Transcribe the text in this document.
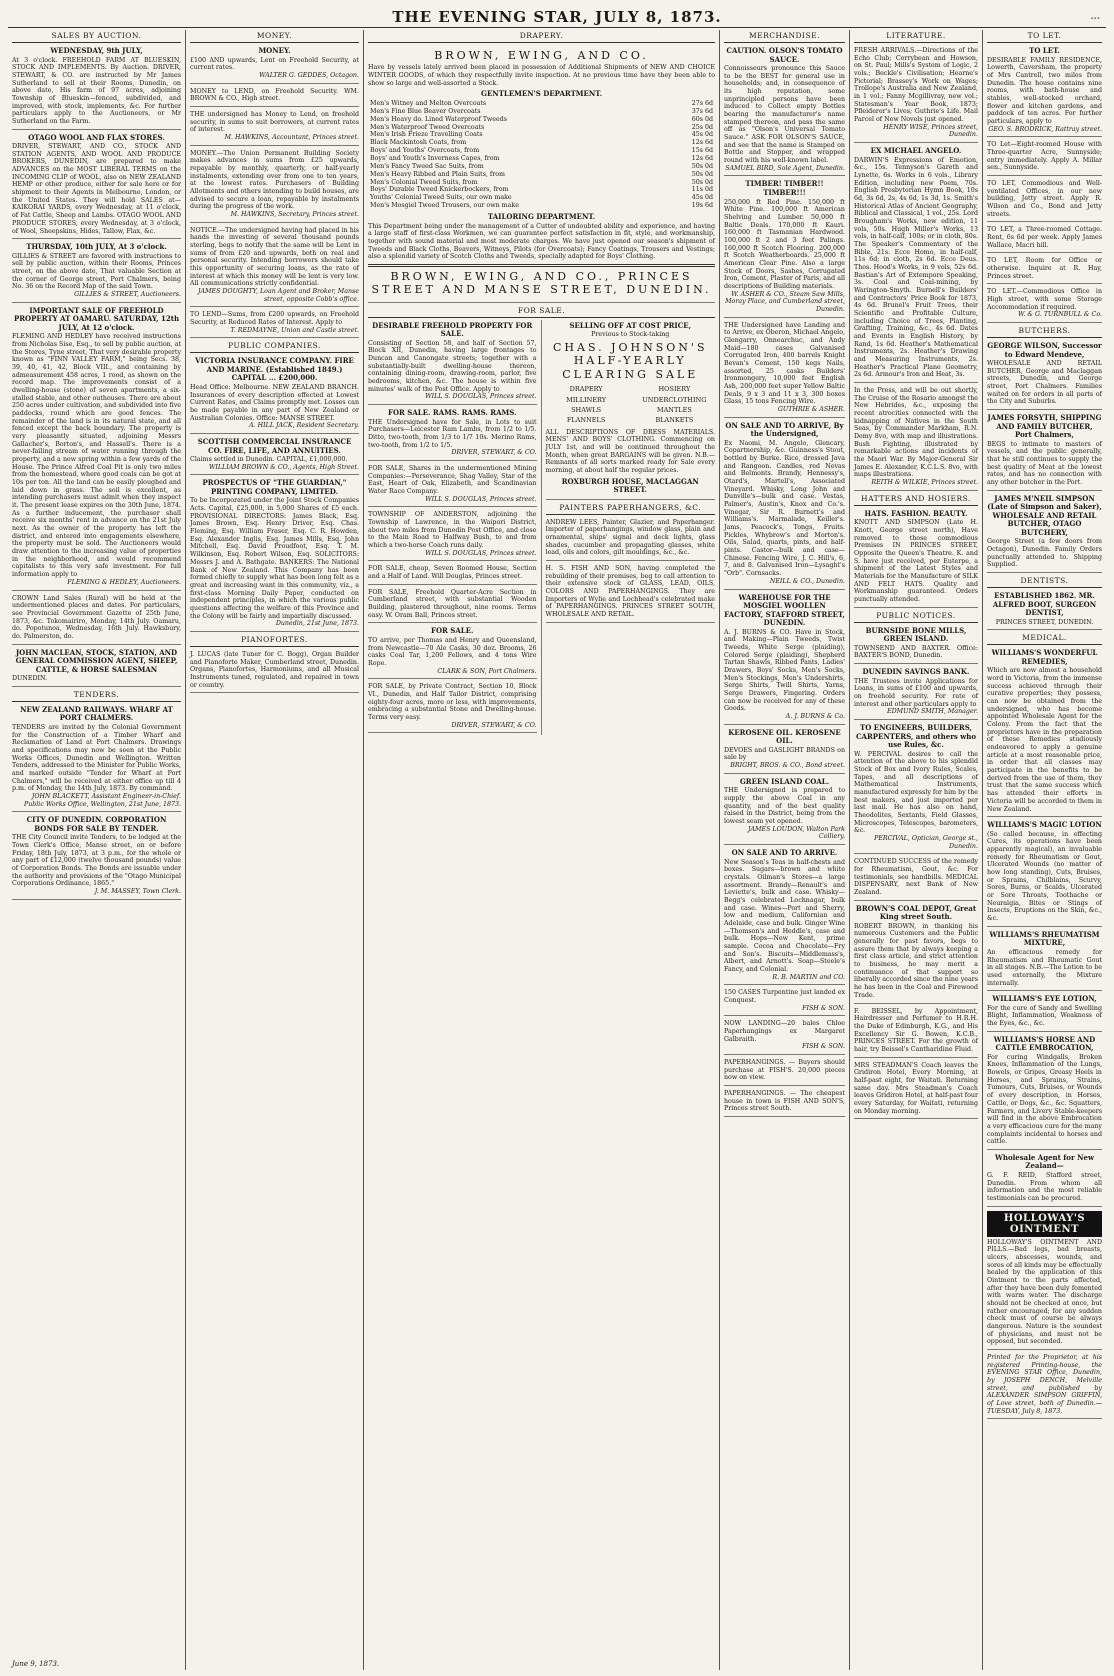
THE EVENING STAR, JULY 8, 1873.	...
SALES BY AUCTION.
WEDNESDAY, 9th JULY,
At 3 o'clock. FREEHOLD FARM AT BLUESKIN, STOCK AND IMPLEMENTS. By Auction. DRIVER, STEWART, & CO. are instructed by Mr James Sutherland to sell at their Rooms, Dunedin, on above date, His farm of 97 acres, adjoining Township of Blueskin—fenced, subdivided, and improved, with stock, implements, &c. For further particulars apply to the Auctioneers, or Mr Sutherland on the Farm.
OTAGO WOOL AND FLAX STORES.
DRIVER, STEWART, AND CO., STOCK AND STATION AGENTS, AND WOOL AND PRODUCE BROKERS, DUNEDIN, are prepared to make ADVANCES on the MOST LIBERAL TERMS on the INCOMING CLIP of WOOL, also on NEW ZEALAND HEMP or other produce, either for sale here or for shipment to their Agents in Melbourne, London, or the United States. They will hold SALES at—KAIKORAI YARDS, every Wednesday, at 11 o'clock, of Fat Cattle, Sheep and Lambs. OTAGO WOOL AND PRODUCE STORES, every Wednesday, at 3 o'clock, of Wool, Sheepskins, Hides, Tallow, Flax, &c.
THURSDAY, 10th JULY, At 3 o'clock.
GILLIES & STREET are favored with instructions to sell by public auction, within their Rooms, Princes street, on the above date, That valuable Section at the corner of George street, Port Chalmers, being No. 36 on the Record Map of the said Town.
GILLIES & STREET, Auctioneers.
IMPORTANT SALE OF FREEHOLD PROPERTY AT OAMARU. SATURDAY, 12th JULY, At 12 o'clock.
FLEMING AND HEDLEY have received instructions from Nicholas Sise, Esq., to sell by public auction, at the Stores, Tyne street, That very desirable property known as "FINN VALLEY FARM," being Secs. 38, 39, 40, 41, 42, Block VIII., and containing by admeasurement 458 acres, 1 rood, as shown on the record map. The improvements consist of a dwelling-house (stone) of seven apartments, a six-stalled stable, and other outhouses. There are about 250 acres under cultivation, and subdivided into five paddocks, round which are good fences. The remainder of the land is in its natural state, and all fenced except the back boundary. The property is very pleasantly situated, adjoining Messrs Gallacher's, Borton's, and Hassell's. There is a never-failing stream of water running through the property, and a new spring within a few yards of the House. The Prince Alfred Coal Pit is only two miles from the homestead, where good coals can be got at 10s per ton. All the land can be easily ploughed and laid down in grass. The soil is excellent, as intending purchasers must admit when they inspect it. The present lease expires on the 30th June, 1874. As a further inducement, the purchaser shall receive six months' rent in advance on the 21st July next. As the owner of the property has left the district, and entered into engagements elsewhere, the property must be sold. The Auctioneers would draw attention to the increasing value of properties in the neighborhood, and would recommend capitalists to this very safe investment. For full information apply to
FLEMING & HEDLEY, Auctioneers.
CROWN Land Sales (Rural) will be held at the undermentioned places and dates. For particulars, see Provincial Government Gazette of 25th June, 1873, &c. Tokomairiro, Monday, 14th July. Oamaru, do. Popotunoa, Wednesday, 16th July. Hawksbury, do. Palmerston, do.
JOHN MACLEAN, STOCK, STATION, AND GENERAL COMMISSION AGENT, SHEEP, CATTLE, & HORSE SALESMAN
DUNEDIN.
TENDERS.
NEW ZEALAND RAILWAYS. WHARF AT PORT CHALMERS.
TENDERS are invited by the Colonial Government for the Construction of a Timber Wharf and Reclamation of Land at Port Chalmers. Drawings and specifications may now be seen at the Public Works Offices, Dunedin and Wellington. Written Tenders, addressed to the Minister for Public Works, and marked outside "Tender for Wharf at Port Chalmers," will be received at either office up till 4 p.m. of Monday, the 14th July, 1873. By command.
JOHN BLACKETT, Assistant Engineer-in-Chief. Public Works Office, Wellington, 21st June, 1873.
CITY OF DUNEDIN. CORPORATION BONDS FOR SALE BY TENDER.
THE City Council invite Tenders, to be lodged at the Town Clerk's Office, Manse street, on or before Friday, 18th July, 1873, at 3 p.m., for the whole or any part of £12,000 (twelve thousand pounds) value of Corporation Bonds. The Bonds are issuable under the authority and provisions of the "Otago Municipal Corporations Ordinance, 1865."
J. M. MASSEY, Town Clerk.
MONEY.
MONEY.
£100 AND upwards, Lent on Freehold Security, at current rates.
WALTER G. GEDDES, Octagon.
MONEY to LEND, on Freehold Security. WM. BROWN & CO., High street.
THE undersigned has Money to Lend, on freehold security, in sums to suit borrowers, at current rates of interest.
M. HAWKINS, Accountant, Princes street.
MONEY.—The Union Permanent Building Society makes advances in sums from £25 upwards, repayable by monthly, quarterly, or half-yearly instalments, extending over from one to ten years, at the lowest rates. Purchasers of Building Allotments and others intending to build houses, are advised to secure a loan, repayable by instalments during the progress of the work.
M. HAWKINS, Secretary, Princes street.
NOTICE.—The undersigned having had placed in his hands the investing of several thousand pounds sterling, begs to notify that the same will be Lent in sums of from £20 and upwards, both on real and personal security. Intending borrowers should take this opportunity of securing loans, as the rate of interest at which this money will be lent is very low. All communications strictly confidential.
JAMES DOUGHTY, Loan Agent and Broker, Manse street, opposite Cobb's office.
TO LEND—Sums, from £200 upwards, on Freehold Security, at Reduced Rates of Interest. Apply to
T. REDMAYNE, Union and Castle street.
PUBLIC COMPANIES.
VICTORIA INSURANCE COMPANY. FIRE AND MARINE. (Established 1849.) CAPITAL ... £200,000.
Head Office: Melbourne. NEW ZEALAND BRANCH. Insurances of every description effected at Lowest Current Rates, and Claims promptly met. Losses can be made payable in any part of New Zealand or Australian Colonies. Office: MANSE STREET.
A. HILL JACK, Resident Secretary.
SCOTTISH COMMERCIAL INSURANCE CO. FIRE, LIFE, AND ANNUITIES.
Claims settled in Dunedin. CAPITAL, £1,000,000.
WILLIAM BROWN & CO., Agents, High Street.
PROSPECTUS OF "THE GUARDIAN," PRINTING COMPANY, LIMITED.
To be Incorporated under the Joint Stock Companies Acts. Capital, £25,000, in 5,000 Shares of £5 each. PROVISIONAL DIRECTORS: James Black, Esq. James Brown, Esq. Henry Driver, Esq. Chas. Fleming, Esq. William Fraser, Esq. C. R. Howden, Esq. Alexander Inglis, Esq. James Mills, Esq. John Mitchell, Esq. David Proudfoot, Esq. T. M. Wilkinson, Esq. Robert Wilson, Esq. SOLICITORS: Messrs J. and A. Bathgate. BANKERS: The National Bank of New Zealand. This Company has been formed chiefly to supply what has been long felt as a great and increasing want in this community, viz., a first-class Morning Daily Paper, conducted on independent principles, in which the various public questions affecting the welfare of this Province and the Colony will be fairly and impartially discussed.
Dunedin, 21st June, 1873.
PIANOFORTES.
J. LUCAS (late Tuner for C. Bogg), Organ Builder and Pianoforte Maker, Cumberland street, Dunedin. Organs, Pianofortes, Harmoniums, and all Musical Instruments tuned, regulated, and repaired in town or country.
DRAPERY.
BROWN, EWING, AND CO.
Have by vessels lately arrived been placed in possession of Additional Shipments of NEW AND CHOICE WINTER GOODS, of which they respectfully invite inspection. At no previous time have they been able to show so large and well-assorted a Stock.
GENTLEMEN'S DEPARTMENT.
Men's Witney and Melton Overcoats	27s 6d
Men's Fine Blue Beaver Overcoats	37s 6d
Men's Heavy do. Lined Waterproof Tweeds	60s 0d
Men's Waterproof Tweed Overcoats	25s 0d
Men's Irish Frieze Travelling Coats	45s 0d
Black Mackintosh Coats, from	12s 6d
Boys' and Youths' Overcoats, from	15s 6d
Boys' and Youth's Inverness Capes, from	12s 6d
Men's Fancy Tweed Sac Suits, from	50s 0d
Men's Heavy Ribbed and Plain Suits, from	50s 0d
Men's Colonial Tweed Suits, from	50s 0d
Boys' Durable Tweed Knickerbockers, from	11s 0d
Youths' Colonial Tweed Suits, our own make	45s 0d
Men's Mosgiel Tweed Trousers, our own make	19s 6d
TAILORING DEPARTMENT.
This Department being under the management of a Cutter of undoubted ability and experience, and having a large staff of first-class Workmen, we can guarantee perfect satisfaction in fit, style, and workmanship, together with sound material and most moderate charges. We have just opened our season's shipment of Tweeds and Black Cloths, Beavers, Witneys, Pilots (for Overcoats); Fancy Coatings, Trousers and Vestings; also a splendid variety of Scotch Cloths and Tweeds, specially adapted for Boys' Clothing.
BROWN, EWING, AND CO., PRINCES STREET AND MANSE STREET, DUNEDIN.
FOR SALE.
DESIRABLE FREEHOLD PROPERTY FOR SALE.
Consisting of Section 58, and half of Section 57, Block XII, Dunedin, having large frontages to Duncan and Canongate streets; together with a substantially-built dwelling-house thereon, containing dining-room, drawing-room, parlor, five bedrooms, kitchen, &c. The house is within five minutes' walk of the Post Office. Apply to
WILL S. DOUGLAS, Princes street.
FOR SALE. RAMS. RAMS. RAMS.
THE Undersigned have for Sale, in Lots to suit Purchasers—Leicester Ram Lambs, from 1/2 to 1/5. Ditto, two-tooth, from 1/3 to 1/7 10s. Merino Rams, two-tooth, from 1/2 to 1/5.
DRIVER, STEWART, & CO.
FOR SALE, Shares in the undermentioned Mining Companies:—Perseverance, Shag Valley, Star of the East, Heart of Oak, Elizabeth, and Scandinavian Water Race Company.
WILL S. DOUGLAS, Princes street.
TOWNSHIP OF ANDERSTON, adjoining the Township of Lawrence, in the Waipori District, about two miles from Dunedin Post Office, and close to the Main Road to Halfway Bush, to and from which a two-horse Coach runs daily.
WILL S. DOUGLAS, Princes street.
FOR SALE, cheap, Seven Roomed House, Section and a Half of Land. Will Douglas, Princes street.
FOR SALE, Freehold Quarter-Acre Section in Cumberland street, with substantial Wooden Building, plastered throughout, nine rooms. Terms easy. W. Oram Ball, Princes street.
FOR SALE.
TO arrive, per Thomas and Henry and Queensland, from Newcastle—70 Ale Casks, 30 doz. Brooms, 26 casks Coal Tar, 1,200 Fellows, and 4 tons Wire Rope.
CLARK & SON, Port Chalmers.
FOR SALE, by Private Contract, Section 10, Block VI., Dunedin, and Half Tailor District, comprising eighty-four acres, more or less, with improvements, embracing a substantial Stone and Dwelling-house. Terms very easy.
DRIVER, STEWART, & CO.
SELLING OFF AT COST PRICE,
Previous to Stock-taking
CHAS. JOHNSON'S HALF-YEARLY CLEARING SALE
DRAPERY
MILLINERY
SHAWLS
FLANNELS
HOSIERY
UNDERCLOTHING
MANTLES
BLANKETS
ALL DESCRIPTIONS OF DRESS MATERIALS. MENS' AND BOYS' CLOTHING. Commencing on JULY 1st, and will be continued throughout the Month, when great BARGAINS will be given. N.B.—Remnants of all sorts marked ready for Sale every morning, at about half the regular prices.
ROXBURGH HOUSE, MACLAGGAN STREET.
PAINTERS PAPERHANGERS, &C.
ANDREW LEES, Painter, Glazier, and Paperhanger. Importer of paperhangings, window glass, plain and ornamental, ships' signal and deck lights, glass shades, cucumber and propagating glasses, white lead, oils and colors, gilt mouldings, &c., &c.
H. S. FISH AND SON, having completed the rebuilding of their premises, beg to call attention to their extensive stock of GLASS, LEAD, OILS, COLORS AND PAPERHANGINGS. They are Importers of Wylie and Lochhead's celebrated make of PAPERHANGINGS. PRINCES STREET SOUTH, WHOLESALE AND RETAIL.
June 9, 1873.
MERCHANDISE.
CAUTION. OLSON'S TOMATO SAUCE.
Connoisseurs pronounce this Sauce to be the BEST for general use in households; and, in consequence of its high reputation, some unprincipled persons have been induced to Collect empty Bottles bearing the manufacturer's name stamped thereon, and pass the same off as "Olson's Universal Tomato Sauce." ASK FOR OLSON'S SAUCE, and see that the name is Stamped on Bottle and Stopper, and wrapped round with his well-known label.
SAMUEL BIRD, Sole Agent, Dunedin.
TIMBER! TIMBER!! TIMBER!!!
250,000 ft Red Pine. 150,000 ft White Pine. 100,000 ft American Shelving and Lumber. 50,000 ft Baltic Deals. 170,000 ft Kauri. 160,000 ft Tasmanian Hardwood. 100,000 ft 2 and 3 feet Palings. 160,000 ft Scotch Flooring. 200,000 ft Scotch Weatherboards. 25,000 ft American Clear Pine. Also a large Stock of Doors, Sashes, Corrugated Iron, Cement, Plaster of Paris, and all descriptions of Building materials.
W. ASHER & CO., Steam Saw Mills, Moray Place, and Cumberland street, Dunedin.
THE Undersigned have Landing and to Arrive, ex Oberon, Michael Angelo, Glengarry, Onnearchuc, and Andy Maid—180 cases Galvanised Corrugated Iron, 400 barrels Knight Bevan's Cement, 150 kegs Nails, assorted, 25 casks Builders' Ironmongery, 10,000 feet English Ash, 200,000 feet super Yellow Baltic Deals, 9 x 3 and 11 x 3, 300 boxes Glass, 15 tons Fencing Wire.
GUTHRIE & ASHER.
ON SALE AND TO ARRIVE, By the Undersigned,
Ex Naomi, M. Angelo, Glencary, Copartnership, &c. Guinness's Stout, bottled by Burke. Rice, dressed Java and Rangoon. Candles, red Nevas and Belmonts. Brandy, Hennessy's, Otard's, Martell's, Associated Vineyard. Whisky, Long John and Dunville's—bulk and case. Vestas, Palmer's, Austin's, Knox and Co.'s. Vinegar, Sir R. Burnett's and Williams's. Marmalade, Keiller's. Jams, Peacock's, Tongs, Fruits. Pickles, Whybrow's and Morton's. Oils, Salad, quarts, pints, and half-pints. Castor—bulk and case—Chinese. Fencing Wire, J. C. Hill's, 6, 7, and 8. Galvanised Iron—Lysaght's "Orb". Cornsacks.
NEILL & CO., Dunedin.
WAREHOUSE FOR THE MOSGIEL WOOLLEN FACTORY, STAFFORD STREET, DUNEDIN.
A. J. BURNS & CO. Have in Stock, and Making—Plain Tweeds, Twist Tweeds, White Serge (plaiding), Colored Serge (plaiding), Shepherd Tartan Shawls, Ribbed Pants, Ladies' Drawers, Boys' Socks, Men's Socks, Men's Stockings, Men's Undershirts, Serge Shirts, Twill Shirts, Yarns, Serge Drawers, Fingering. Orders can now be received for any of these Goods.
A. J. BURNS & Co.
KEROSENE OIL. KEROSENE OIL.
DEVOES and GASLIGHT BRANDS on sale by
BRIGHT, BROS. & CO., Bond street.
GREEN ISLAND COAL.
THE Undersigned is prepared to supply the above Coal in any quantity, and of the best quality raised in the District, being from the lowest seam yet opened.
JAMES LOUDON, Walton Park Colliery.
ON SALE AND TO ARRIVE.
New Season's Teas in half-chests and boxes. Sugars—brown and white crystals. Oilman's Stores—a large assortment. Brandy—Renault's and Leviette's, bulk and case. Whisky—Begg's celebrated Lochnagar, bulk and case. Wines—Port and Sherry, low and medium, Californian and Adelaide, case and bulk. Ginger Wine—Thomson's and Heddle's, case and bulk. Hops—New Kent, prime sample. Cocoa and Chocolate—Fry and Son's. Biscuits—Middlemass's, Albert, and Arnott's. Soap—Steele's Fancy, and Colonial.
R. B. MARTIN and CO.
150 CASES Turpentine just landed ex Conquest.
FISH & SON.
NOW LANDING—20 bales Chloe Paperhangings ex Margaret Galbraith.
FISH & SON.
PAPERHANGINGS. — Buyers should purchase at FISH'S. 20,000 pieces now on view.
PAPERHANGINGS. — The cheapest house in town is FISH AND SON'S, Princes street South.
LITERATURE.
FRESH ARRIVALS.—Directions of the Echo Club; Corrybean and Howson, on St. Paul; Mills's System of Logic, 2 vols.; Beckle's Civilisation; Hearne's Pictorial; Brassey's Work on Wages; Trollope's Australia and New Zealand, in 1 vol.; Fanny Mcgillivray, new vol.; Statesman's Year Book, 1873; Pfleiderer's Lives; Guthrie's Life. Mail Parcel of New Novels just opened.
HENRY WISE, Princes street, Dunedin.
EX MICHAEL ANGELO.
DARWIN'S Expressions of Emotion, &c., 15s. Tennyson's Gareth and Lynette, 6s. Works in 6 vols., Library Edition, including new Poem, 70s. English Presbyterian Hymn Book, 10s 6d, 3s 6d, 2s, 4s 6d, 1s 3d, 1s. Smith's Historical Atlas of Ancient Geography, Biblical and Classical, 1 vol., 25s. Lord Brougham's Works, new edition, 11 vols, 50s. Hugh Miller's Works, 13 vols, in half-calf, 100s; or in cloth, 80s. The Speaker's Commentary of the Bible, 21s. Ecce Homo, in half-calf, 11s 6d; in cloth, 2s 6d. Ecce Deus. Thos. Hood's Works, in 9 vols, 52s 6d. Bastian's Art of Extempore Speaking, 3s. Coal and Coal-mining, by Warington-Smyth. Burnell's Builders' and Contractors' Price Book for 1873, 4s 6d. Brunel's Fruit Trees, their Scientific and Profitable Culture, including Choice of Trees, Planting, Grafting, Training, &c., 4s 6d. Dates and Events in English History, by Rand, 1s 6d. Heather's Mathematical Instruments, 2s. Heather's Drawing and Measuring Instruments, 2s. Heather's Practical Plane Geometry, 2s 6d. Armour's Iron and Heat, 3s.
In the Press, and will be out shortly, The Cruise of the Rosario amongst the New Hebrides, &c., exposing the recent atrocities connected with the kidnapping of Natives in the South Seas, by Commander Markham, R.N. Demy 8vo, with map and illustrations. Bush Fighting, illustrated by remarkable actions and incidents of the Maori War. By Major-General Sir James E. Alexander, K.C.L.S. 8vo, with maps illustrations.
REITH & WILKIE, Princes street.
HATTERS AND HOSIERS.
HATS. FASHION. BEAUTY.
KNOTT AND SIMPSON (Late H. Knott, George street north), Have removed to those commodious Premises IN PRINCES STREET, Opposite the Queen's Theatre. K. and S. have just received, per Euterpe, a shipment of the Latest Styles and Materials for the Manufacture of SILK AND FELT HATS. Quality and Workmanship guaranteed. Orders punctually attended.
PUBLIC NOTICES.
BURNSIDE BONE MILLS, GREEN ISLAND.
TOWNSEND AND BAXTER. Office: BAXTER'S BOND, Dunedin.
DUNEDIN SAVINGS BANK.
THE Trustees invite Applications for Loans, in sums of £100 and upwards, on freehold security. For rate of interest and other particulars apply to
EDMUND SMITH, Manager.
TO ENGINEERS, BUILDERS, CARPENTERS, and others who use Rules, &c.
W. PERCIVAL desires to call the attention of the above to his splendid Stock of Box and Ivory Rules, Scales, Tapes, and all descriptions of Mathematical Instruments, manufactured expressly for him by the best makers, and just imported per last mail. He has also on hand, Theodolites, Sextants, Field Glasses, Microscopes, Telescopes, barometers, &c.
PERCIVAL, Optician, George st., Dunedin.
CONTINUED SUCCESS of the remedy for Rheumatism, Gout, &c. For testimonials, see handbills. MEDICAL DISPENSARY, next Bank of New Zealand.
BROWN'S COAL DEPOT, Great King street South.
ROBERT BROWN, in thanking his numerous Customers and the Public generally for past favors, begs to assure them that by always keeping a first class article, and strict attention to business, he may merit a continuance of that support so liberally accorded since the nine years he has been in the Coal and Firewood Trade.
F. BEISSEL, by Appointment, Hairdresser and Perfumer to H.R.H. the Duke of Edinburgh, K.G., and His Excellency Sir G. Bowen, K.C.B., PRINCES STREET. For the growth of hair, try Beissel's Cantharidine Fluid.
MRS STEADMAN'S Coach leaves the Gridiron Hotel, Every Morning, at half-past eight, for Waitati. Returning same day. Mrs Steadman's Coach leaves Gridiron Hotel, at half-past four every Saturday, for Waitati, returning on Monday morning.
TO LET.
TO LET.
DESIRABLE FAMILY RESIDENCE, Lowerth, Caversham, the property of Mrs Cantrell, two miles from Dunedin. The house contains nine rooms, with bath-house and stables, well-stocked orchard, flower and kitchen gardens, and paddock of ten acres. For further particulars, apply to
GEO. S. BRODRICK, Rattray street.
TO Let—Eight-roomed House with Three-quarter Acre, Sunnyside; entry immediately. Apply A. Millar sen., Sunnyside.
TO LET, Commodious and Well-ventilated Offices, in our new building, Jetty street. Apply R. Wilson and Co., Bond and Jetty streets.
TO LET, a Three-roomed Cottage. Rent, 6s 6d per week. Apply James Wallace, Macri hill.
TO LET, Room for Office or otherwise. Inquire at R. Hay, Princes street.
TO LET.—Commodious Office in High street, with some Storage Accommodation if required.
W. & G. TURNBULL & Co.
BUTCHERS.
GEORGE WILSON, Successor to Edward Mendeve,
WHOLESALE AND RETAIL BUTCHER, George and Maclaggan streets, Dunedin, and George street, Port Chalmers. Families waited on for orders in all parts of the City and Suburbs.
JAMES FORSYTH, SHIPPING AND FAMILY BUTCHER, Port Chalmers,
BEGS to intimate to masters of vessels, and the public generally, that he still continues to supply the best quality of Meat at the lowest rates, and has no connection with any other butcher in the Port.
JAMES M'NEIL SIMPSON (Late of Simpson and Saker), WHOLESALE AND RETAIL BUTCHER, OTAGO BUTCHERY,
George Street (a few doors from Octagon), Dunedin. Family Orders punctually attended to. Shipping Supplied.
DENTISTS.
ESTABLISHED 1862. MR. ALFRED BOOT, SURGEON DENTIST,
PRINCES STREET, DUNEDIN.
MEDICAL.
WILLIAMS'S WONDERFUL REMEDIES,
Which are now almost a household word in Victoria, from the immense success achieved through their curative properties; they possess, can now be obtained from the undersigned, who has become appointed Wholesale Agent for the Colony. From the fact that the proprietors have in the preparation of these Remedies studiously endeavored to apply a genuine article at a most reasonable price, in order that all classes may participate in the benefits to be derived from the use of them, they trust that the same success which has attended their efforts in Victoria will be accorded to them in New Zealand.
WILLIAMS'S MAGIC LOTION
(So called because, in effecting Cures, its operations have been apparently magical), an invaluable remedy for Rheumatism or Gout, Ulcerated Wounds (no matter of how long standing), Cuts, Bruises, or Sprains, Chilblains, Scurvy, Sores, Burns, or Scalds, Ulcerated or Sore Throats, Toothache or Neuralgia, Bites or Stings of Insects, Eruptions on the Skin, &c., &c.
WILLIAMS'S RHEUMATISM MIXTURE,
An efficacious remedy for Rheumatism and Rheumatic Gout in all stages. N.B.—The Lotion to be used externally, the Mixture internally.
WILLIAMS'S EYE LOTION,
For the cure of Sandy and Swelling Blight, Inflammation, Weakness of the Eyes, &c., &c.
WILLIAMS'S HORSE AND CATTLE EMBROCATION,
For curing Windgalls, Broken Knees, Inflammation of the Lungs, Bowels, or Gripes, Greasy Heels in Horses, and Sprains, Strains, Tumours, Cuts, Bruises, or Wounds of every description, in Horses, Cattle, or Dogs, &c., &c. Squatters, Farmers, and Livery Stable-keepers will find in the above Embrocation a very efficacious cure for the many complaints incidental to horses and cattle.
Wholesale Agent for New Zealand—
G. F. REID, Stafford street, Dunedin. From whom all information and the most reliable testimonials can be procured.
HOLLOWAY'S OINTMENT
HOLLOWAY'S OINTMENT AND PILLS.—Bad legs, bad breasts, ulcers, abscesses, wounds, and sores of all kinds may be effectually healed by the application of this Ointment to the parts affected, after they have been duly fomented with warm water. The discharge should not be checked at once, but rather encouraged; for any sudden check must of course be always dangerous. Nature is the soundest of physicians, and must not be opposed, but seconded.
Printed for the Proprietor, at his registered Printing-house, the EVENING STAR Office, Dunedin, by JOSEPH DENCH, Melville street, and published by ALEXANDER SIMPSON GRIFFIN, of Love street, both of Dunedin.—TUESDAY, July 8, 1873.
